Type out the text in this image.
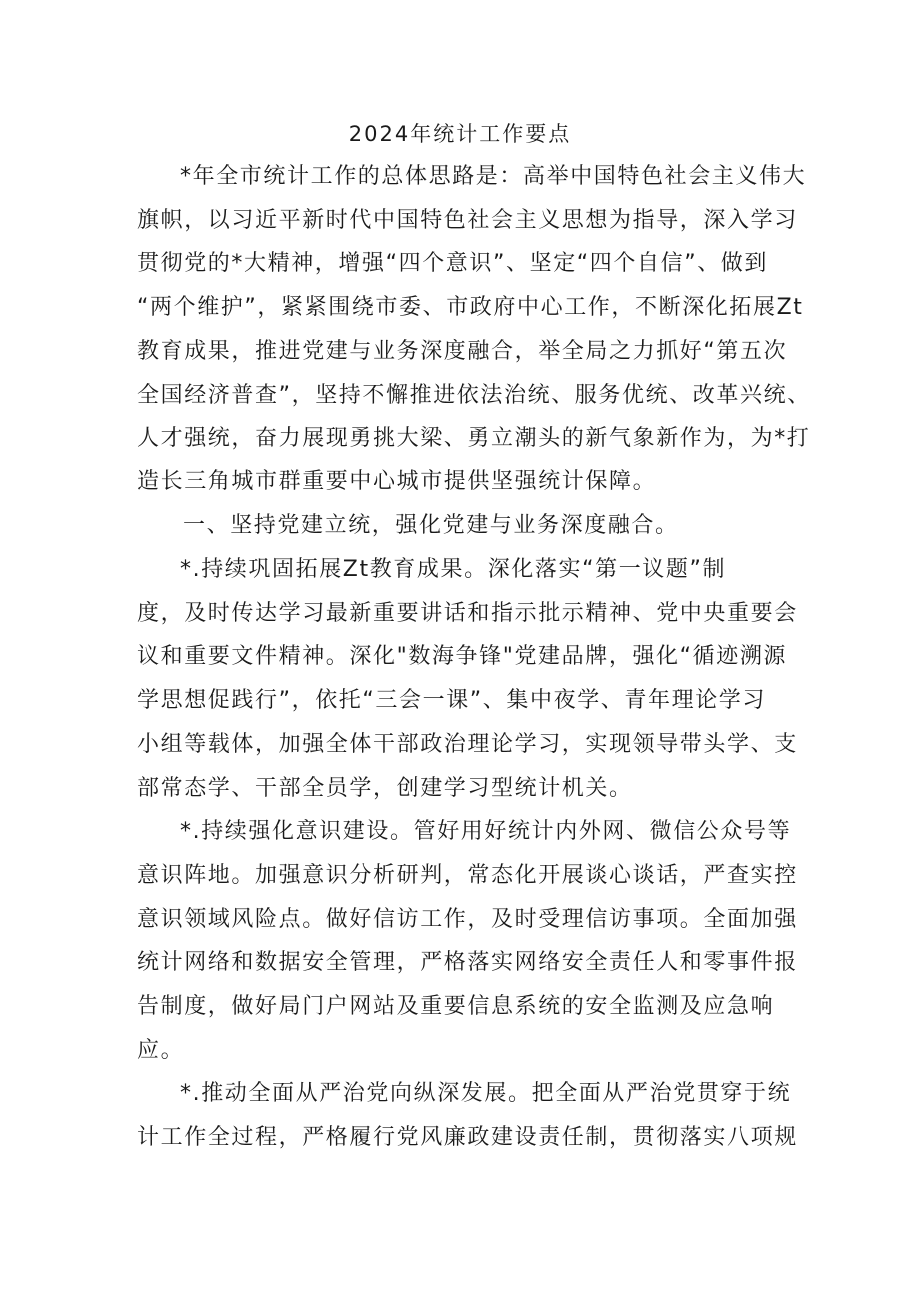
2024年统计工作要点
*年全市统计工作的总体思路是：高举中国特色社会主义伟大
旗帜，以习近平新时代中国特色社会主义思想为指导，深入学习
贯彻党的*大精神，增强“四个意识”、坚定“四个自信”、做到
“两个维护”，紧紧围绕市委、市政府中心工作，不断深化拓展Zt
教育成果，推进党建与业务深度融合，举全局之力抓好“第五次
全国经济普查”，坚持不懈推进依法治统、服务优统、改革兴统、
人才强统，奋力展现勇挑大梁、勇立潮头的新气象新作为，为*打
造长三角城市群重要中心城市提供坚强统计保障。
一、坚持党建立统，强化党建与业务深度融合。
*.持续巩固拓展Zt教育成果。深化落实“第一议题”制
度，及时传达学习最新重要讲话和指示批示精神、党中央重要会
议和重要文件精神。深化"数海争锋"党建品牌，强化“循迹溯源
学思想促践行”，依托“三会一课”、集中夜学、青年理论学习
小组等载体，加强全体干部政治理论学习，实现领导带头学、支
部常态学、干部全员学，创建学习型统计机关。
*.持续强化意识建设。管好用好统计内外网、微信公众号等
意识阵地。加强意识分析研判，常态化开展谈心谈话，严查实控
意识领域风险点。做好信访工作，及时受理信访事项。全面加强
统计网络和数据安全管理，严格落实网络安全责任人和零事件报
告制度，做好局门户网站及重要信息系统的安全监测及应急响
应。
*.推动全面从严治党向纵深发展。把全面从严治党贯穿于统
计工作全过程，严格履行党风廉政建设责任制，贯彻落实八项规
